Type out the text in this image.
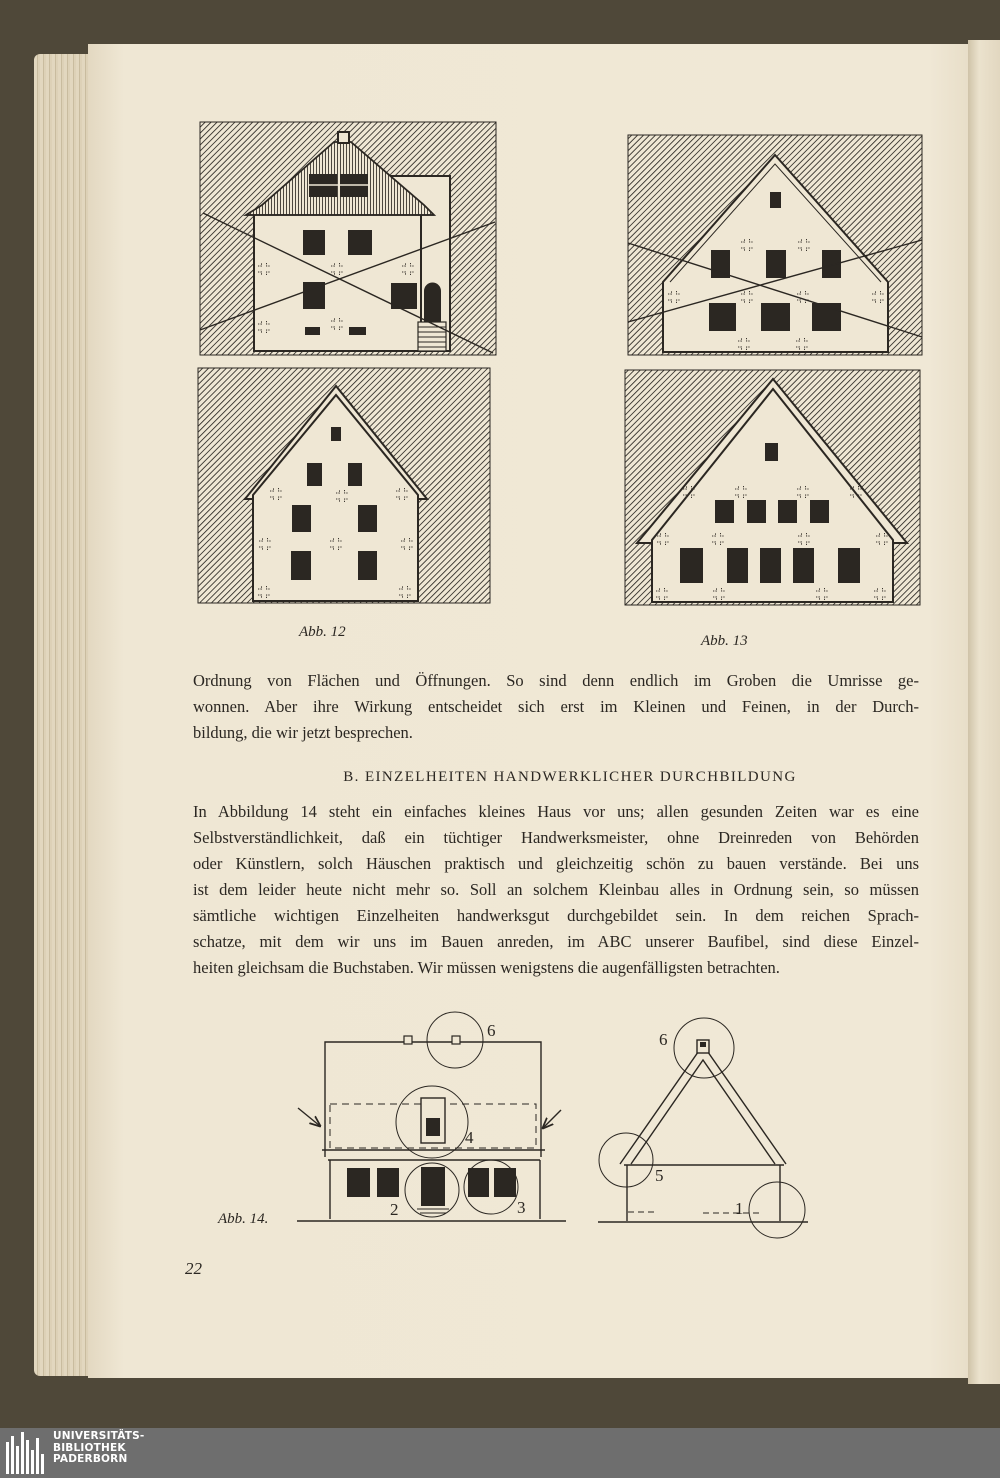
Abb. 12
Abb. 13
6
4
2	3
6
5
1
Abb. 14.
Ordnung von Flächen und Öffnungen. So sind denn endlich im Groben die Umrisse ge-
wonnen. Aber ihre Wirkung entscheidet sich erst im Kleinen und Feinen, in der Durch-
bildung, die wir jetzt besprechen.
B. EINZELHEITEN HANDWERKLICHER DURCHBILDUNG
In Abbildung 14 steht ein einfaches kleines Haus vor uns; allen gesunden Zeiten war es eine
Selbstverständlichkeit, daß ein tüchtiger Handwerksmeister, ohne Dreinreden von Behörden
oder Künstlern, solch Häuschen praktisch und gleichzeitig schön zu bauen verstände. Bei uns
ist dem leider heute nicht mehr so. Soll an solchem Kleinbau alles in Ordnung sein, so müssen
sämtliche wichtigen Einzelheiten handwerksgut durchgebildet sein. In dem reichen Sprach-
schatze, mit dem wir uns im Bauen anreden, im ABC unserer Baufibel, sind diese Einzel-
heiten gleichsam die Buchstaben. Wir müssen wenigstens die augenfälligsten betrachten.
22
UNIVERSITÄTS-
BIBLIOTHEK
PADERBORN
